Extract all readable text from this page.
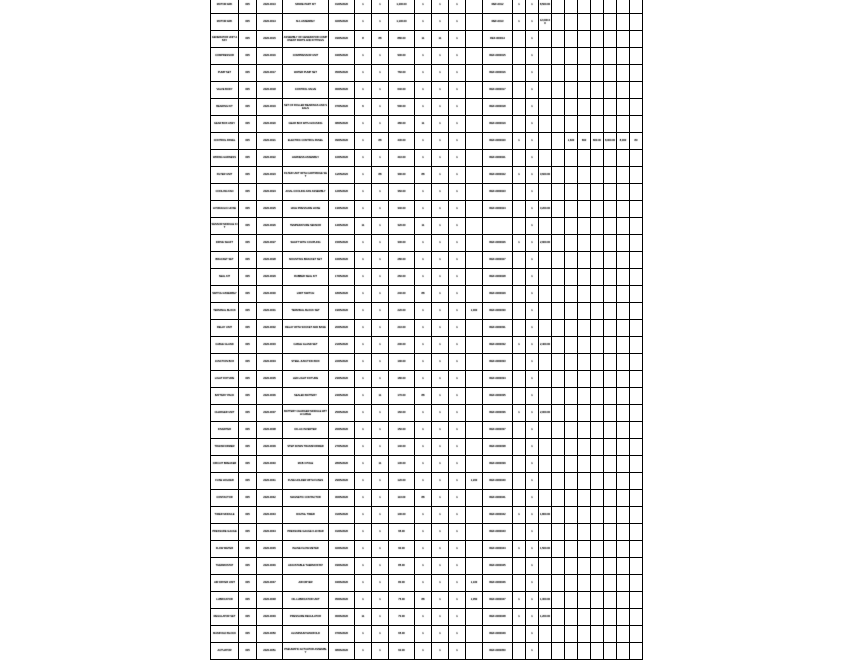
MOTOR ARK	005	2020-0013	SPARE PART KIT	01/05/2020	1	1	1,200.00	1	1	1		REF-0012	1	1	8,500.00							
MOTOR ARK	005	2020-0014	M-1 ASSEMBLY	02/05/2020	1	1	1,100.00	1	1	1		REF-0013	1	1	12,000.00							
GENERATOR UNIT ASSY	005	2020-0015	ASSEMBLY OF GENERATOR COMPONENT PARTS AND FITTINGS	03/05/2020	8	88	880.00	11	11	1		REF-000014		1								
COMPRESSOR	005	2020-0016	COMPRESSOR UNIT	04/05/2020	1	1	900.00	1	1	1		REF-0000015		1								
PUMP SET	005	2020-0017	WATER PUMP SET	05/05/2020	1	1	760.00	1	1	1		REF-0000016		1								
VALVE BODY	005	2020-0018	CONTROL VALVE	06/05/2020	1	1	640.00	1	1	1		REF-0000017		1								
BEARING KIT	005	2020-0019	SET OF ROLLER BEARINGS AND SEALS	07/05/2020	6	1	590.00	1	1	1		REF-0000018		1								
GEAR BOX ASSY	005	2020-0020	GEAR BOX WITH HOUSING	08/05/2020	1	1	480.00	11	1	1		REF-0000019		1								
CONTROL PANEL	005	2020-0021	ELECTRIC CONTROL PANEL	09/05/2020	1	88	430.00	1	1	1		REF-0000020	1	1			1,600	660	800.00	8,000.00	8,000	80
WIRING HARNESS	005	2020-0022	HARNESS ASSEMBLY	10/05/2020	1	1	410.00	1	1	1		REF-0000021		1								
FILTER UNIT	005	2020-0023	FILTER UNIT WITH CARTRIDGE SET	11/05/2020	1	88	390.00	88	1	1		REF-0000022	1	1	3,600.00							
COOLING FAN	005	2020-0024	AXIAL COOLING FAN ASSEMBLY	12/05/2020	1	1	360.00	1	1	1		REF-0000023		1								
HYDRAULIC HOSE	005	2020-0025	HIGH PRESSURE HOSE	13/05/2020	1	1	340.00	1	1	1		REF-0000024		1	3,200.00							
SENSOR MODULE KIT	005	2020-0026	TEMPERATURE SENSOR	14/05/2020	11	1	320.00	11	1	1				1								
DRIVE SHAFT	005	2020-0027	SHAFT WITH COUPLING	15/05/2020	1	1	300.00	1	1	1		REF-0000026	1	1	2,900.00							
BRACKET SET	005	2020-0028	MOUNTING BRACKET SET	16/05/2020	1	1	280.00	1	1	1		REF-0000027		1								
SEAL KIT	005	2020-0029	RUBBER SEAL KIT	17/05/2020	1	1	260.00	1	1	1		REF-0000028		1								
SWITCH ASSEMBLY	005	2020-0030	LIMIT SWITCH	18/05/2020	1	1	240.00	88	1	1		REF-0000029		1								
TERMINAL BLOCK	005	2020-0031	TERMINAL BLOCK SET	19/05/2020	1	1	220.00	1	1	1	1,000	REF-0000030		1								
RELAY UNIT	005	2020-0032	RELAY WITH SOCKET AND BASE	20/05/2020	1	1	210.00	1	1	1		REF-0000031		1								
CABLE GLAND	005	2020-0033	CABLE GLAND SET	21/05/2020	1	1	200.00	1	1	1		REF-0000032	1	1	2,400.00							
JUNCTION BOX	005	2020-0034	STEEL JUNCTION BOX	22/05/2020	1	1	190.00	1	1	1		REF-0000033		1								
LIGHT FIXTURE	005	2020-0035	LED LIGHT FIXTURE	23/05/2020	1	1	180.00	1	1	1		REF-0000034		1								
BATTERY PACK	005	2020-0036	SEALED BATTERY	24/05/2020	1	11	170.00	88	1	1		REF-0000035		1								
CHARGER UNIT	005	2020-0037	BATTERY CHARGER MODULE WITH CABLE	25/05/2020	1	1	160.00	1	1	1		REF-0000036	1	1	2,000.00							
INVERTER	005	2020-0038	DC-AC INVERTER	26/05/2020	1	1	150.00	1	1	1		REF-0000037		1								
TRANSFORMER	005	2020-0039	STEP DOWN TRANSFORMER	27/05/2020	1	1	140.00	1	1	1		REF-0000038		1								
CIRCUIT BREAKER	005	2020-0040	MCB 3 POLE	28/05/2020	1	11	130.00	1	1	1		REF-0000039		1								
FUSE HOLDER	005	2020-0041	FUSE HOLDER WITH FUSES	29/05/2020	1	1	120.00	1	1	1	1,200	REF-0000040		1								
CONTACTOR	005	2020-0042	MAGNETIC CONTACTOR	30/05/2020	1	1	110.00	88	1	1		REF-0000041		1								
TIMER MODULE	005	2020-0043	DIGITAL TIMER	31/05/2020	1	1	100.00	1	1	1		REF-0000042	1	1	1,800.00							
PRESSURE GAUGE	005	2020-0044	PRESSURE GAUGE 0-10 BAR	01/06/2020	1	1	95.00	1	1	1		REF-0000043		1								
FLOW METER	005	2020-0045	INLINE FLOW METER	02/06/2020	1	1	90.00	1	1	1		REF-0000044	1	1	1,500.00							
THERMOSTAT	005	2020-0046	ADJUSTABLE THERMOSTAT	03/06/2020	1	1	85.00	1	1	1		REF-0000045		1								
AIR DRYER UNIT	005	2020-0047	AIR DRYER	04/06/2020	1	1	80.00	1	1	1	1,100	REF-0000046		1								
LUBRICATOR	005	2020-0048	OIL LUBRICATOR UNIT	05/06/2020	1	1	75.00	88	1	1	1,050	REF-0000047	1	1	1,300.00							
REGULATOR SET	005	2020-0049	PRESSURE REGULATOR	06/06/2020	11	1	70.00	1	1	1		REF-0000048	1	1	1,200.00							
MANIFOLD BLOCK	005	2020-0050	ALUMINIUM MANIFOLD	07/06/2020	1	1	65.00	1	1	1		REF-0000049		1								
ACTUATOR	005	2020-0051	PNEUMATIC ACTUATOR ASSEMBLY	08/06/2020	1	1	60.00	1	1	1		REF-0000050		1								
